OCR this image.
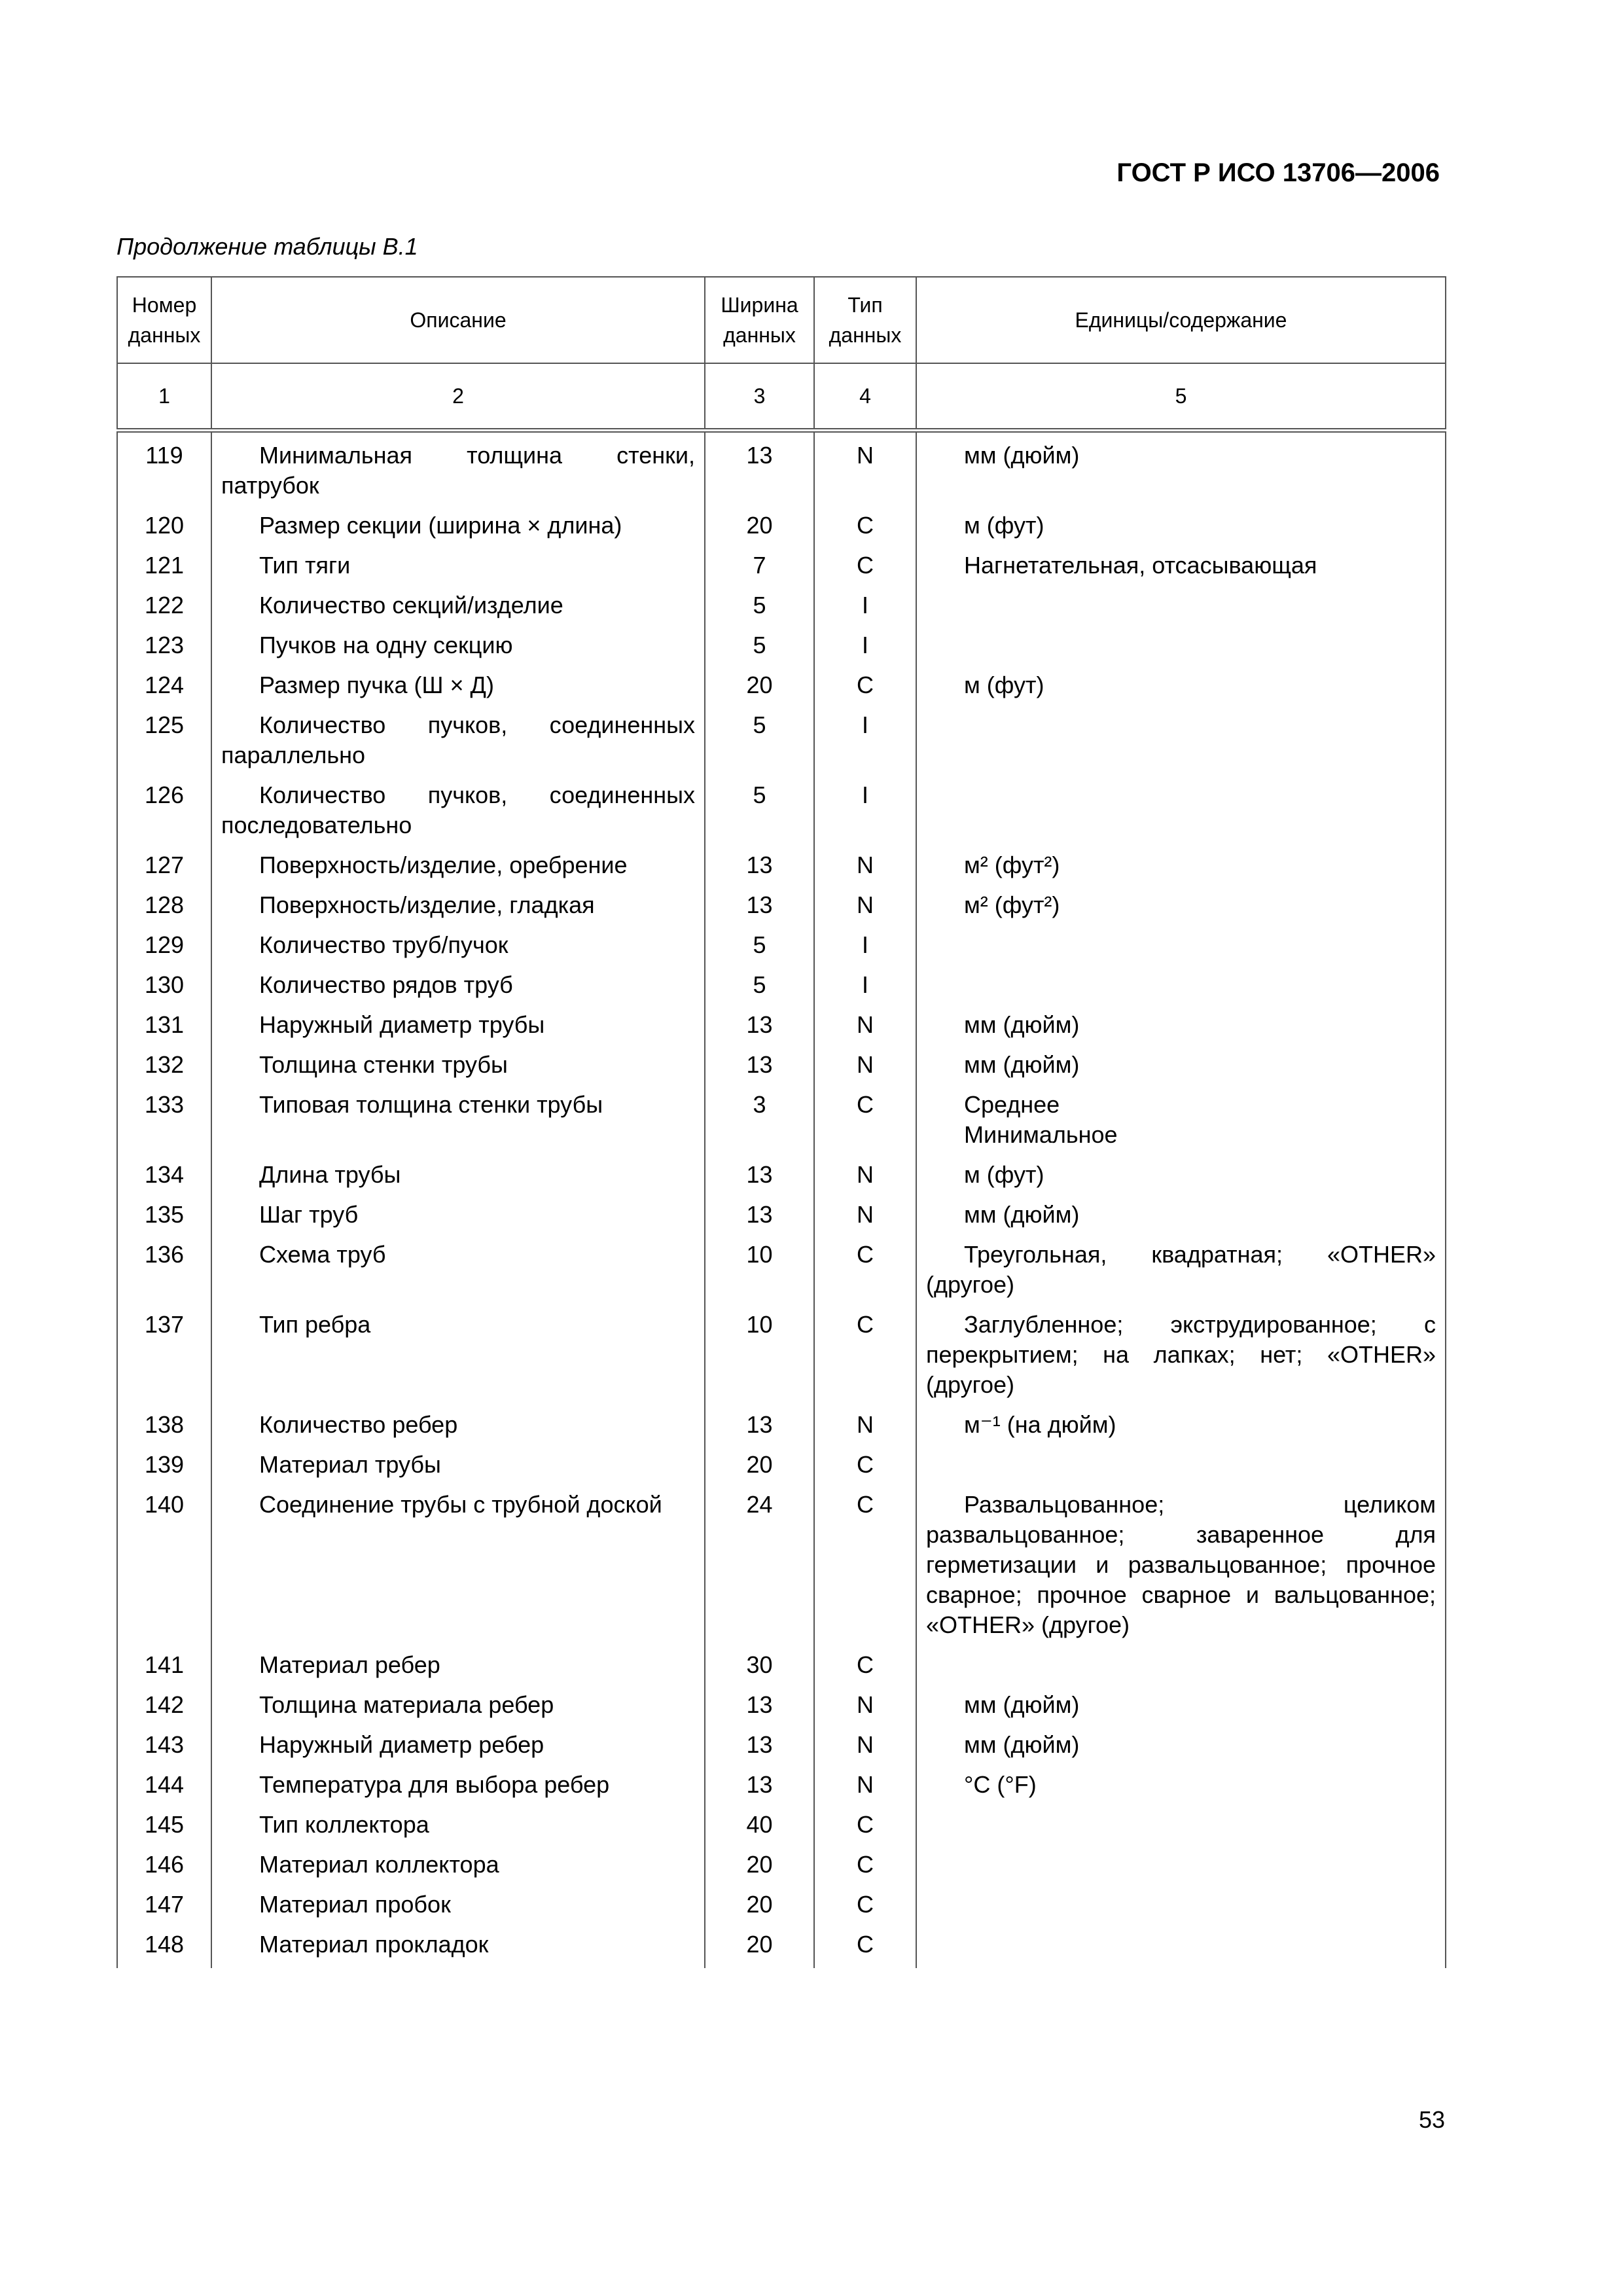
ГОСТ Р ИСО 13706—2006
Продолжение таблицы B.1
Номер данных	Описание	Ширина данных	Тип данных	Единицы/содержание
1	2	3	4	5
119	Минимальная толщина стенки, патрубок	13	N	мм (дюйм)

120	Размер секции (ширина × длина)	20	C	м (фут)

121	Тип тяги	7	C	Нагнетательная, отсасывающая

122	Количество секций/изделие	5	I	
123	Пучков на одну секцию	5	I	
124	Размер пучка (Ш × Д)	20	C	м (фут)

125	Количество пучков, соединенных параллельно	5	I	
126	Количество пучков, соединенных последовательно	5	I	
127	Поверхность/изделие, оребрение	13	N	м² (фут²)

128	Поверхность/изделие, гладкая	13	N	м² (фут²)

129	Количество труб/пучок	5	I	
130	Количество рядов труб	5	I	
131	Наружный диаметр трубы	13	N	мм (дюйм)

132	Толщина стенки трубы	13	N	мм (дюйм)

133	Типовая толщина стенки трубы	3	C	Среднее
Минимальное

134	Длина трубы	13	N	м (фут)

135	Шаг труб	13	N	мм (дюйм)

136	Схема труб	10	C	Треугольная, квадратная; «OTHER» (другое)

137	Тип ребра	10	C	Заглубленное; экструдированное; с перекрытием; на лапках; нет; «OTHER» (другое)

138	Количество ребер	13	N	м⁻¹ (на дюйм)

139	Материал трубы	20	C	
140	Соединение трубы с трубной доской	24	C	Развальцованное; целиком развальцованное; заваренное для герметизации и развальцованное; прочное сварное; прочное сварное и вальцованное; «OTHER» (другое)

141	Материал ребер	30	C	
142	Толщина материала ребер	13	N	мм (дюйм)

143	Наружный диаметр ребер	13	N	мм (дюйм)

144	Температура для выбора ребер	13	N	°C (°F)

145	Тип коллектора	40	C	
146	Материал коллектора	20	C	
147	Материал пробок	20	C	
148	Материал прокладок	20	C	
53
